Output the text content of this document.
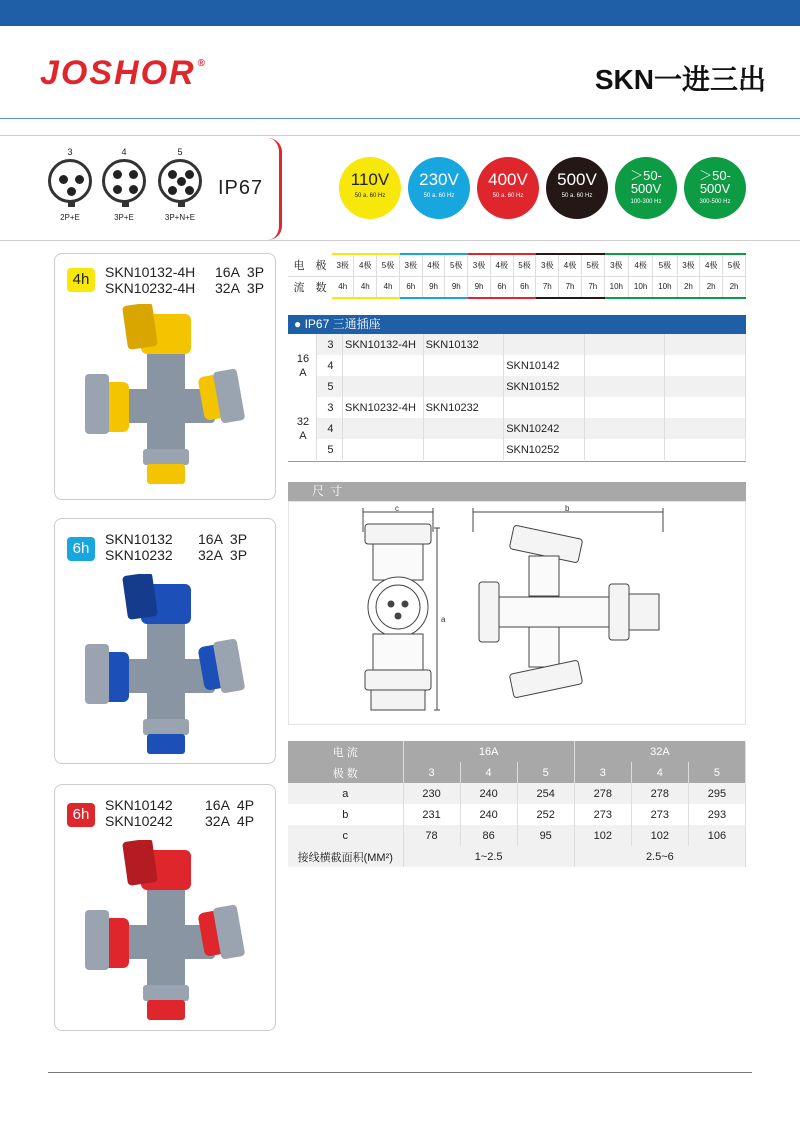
JOSHOR ®
SKN一进三出
3
2P+E
4
3P+E
5
3P+N+E
IP67	110V
50 a. 60 Hz
230V
50 a. 60 Hz
400V
50 a. 60 Hz
500V
50 a. 60 Hz
＞50-
500V
100-300 Hz
＞50-
500V
300-500 Hz
4h	SKN10132-4H
SKN10232-4H
16A  3P
32A  3P
6h
SKN10132
SKN10232
16A  3P
32A  3P
6h
SKN10142
SKN10242
16A  4P
32A  4P
电	极	3极	4极	5极	3极	4极	5极	3极	4极	5极	3极	4极	5极	3极	4极	5极	3极	4极	5极
流	数	4h	4h	4h	6h	9h	9h	9h	6h	6h	7h	7h	7h	10h	10h	10h	2h	2h	2h
● IP67 三通插座
16
A	3	SKN10132-4H	SKN10132			
	4			SKN10142		
	5			SKN10152		
32
A	3	SKN10232-4H	SKN10232			
	4			SKN10242		
	5			SKN10252		
尺寸
c
a
b
电 流	16A			32A		
极 数	3	4	5	3	4	5
a	230	240	254	278	278	295
b	231	240	252	273	273	293
c	78	86	95	102	102	106
接线横截面积(MM²)	1~2.5			2.5~6		
